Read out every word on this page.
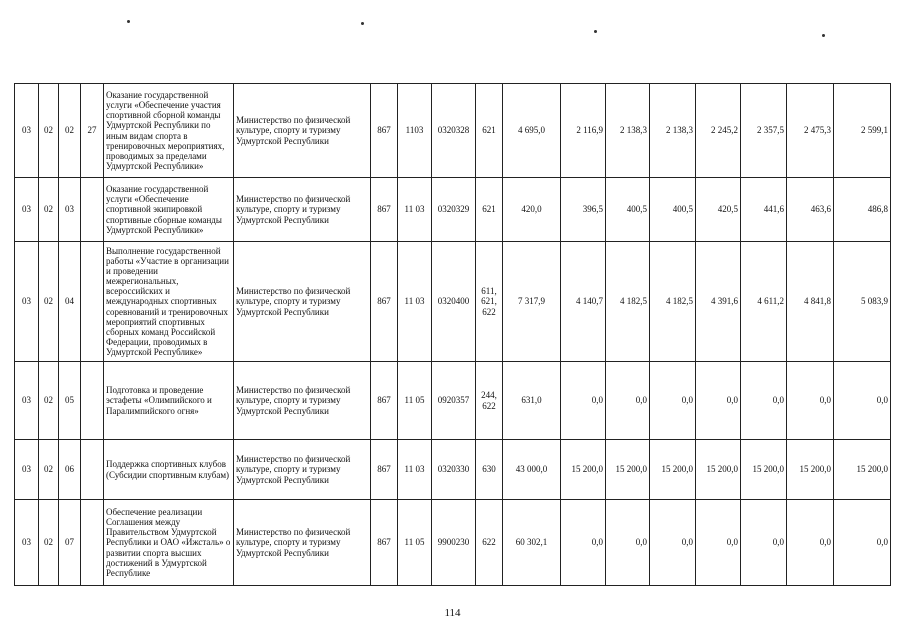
03	02	02	27	Оказание государственной услуги «Обеспечение участия спортивной сборной команды Удмуртской Республики по иным видам спорта в тренировочных мероприятиях, проводимых за пределами Удмуртской Республики»	Министерство по физической культуре, спорту и туризму Удмуртской Республики	867	1103	0320328	621	4 695,0	2 116,9	2 138,3	2 138,3	2 245,2	2 357,5	2 475,3	2 599,1
03	02	03		Оказание государственной услуги «Обеспечение спортивной экипировкой спортивные сборные команды Удмуртской Республики»	Министерство по физической культуре, спорту и туризму Удмуртской Республики	867	11 03	0320329	621	420,0	396,5	400,5	400,5	420,5	441,6	463,6	486,8
03	02	04		Выполнение государственной работы «Участие в организации и проведении межрегиональных, всероссийских и международных спортивных соревнований и тренировочных мероприятий спортивных сборных команд Российской Федерации, проводимых в Удмуртской Республике»	Министерство по физической культуре, спорту и туризму Удмуртской Республики	867	11 03	0320400	611, 621, 622	7 317,9	4 140,7	4 182,5	4 182,5	4 391,6	4 611,2	4 841,8	5 083,9
03	02	05		Подготовка и проведение эстафеты «Олимпийского и Паралимпийского огня»	Министерство по физической культуре, спорту и туризму Удмуртской Республики	867	11 05	0920357	244, 622	631,0	0,0	0,0	0,0	0,0	0,0	0,0	0,0
03	02	06		Поддержка спортивных клубов (Субсидии спортивным клубам)	Министерство по физической культуре, спорту и туризму Удмуртской Республики	867	11 03	0320330	630	43 000,0	15 200,0	15 200,0	15 200,0	15 200,0	15 200,0	15 200,0	15 200,0
03	02	07		Обеспечение реализации Соглашения между Правительством Удмуртской Республики и ОАО «Ижсталь» о развитии спорта высших достижений в Удмуртской Республике	Министерство по физической культуре, спорту и туризму Удмуртской Республики	867	11 05	9900230	622	60 302,1	0,0	0,0	0,0	0,0	0,0	0,0	0,0
114
